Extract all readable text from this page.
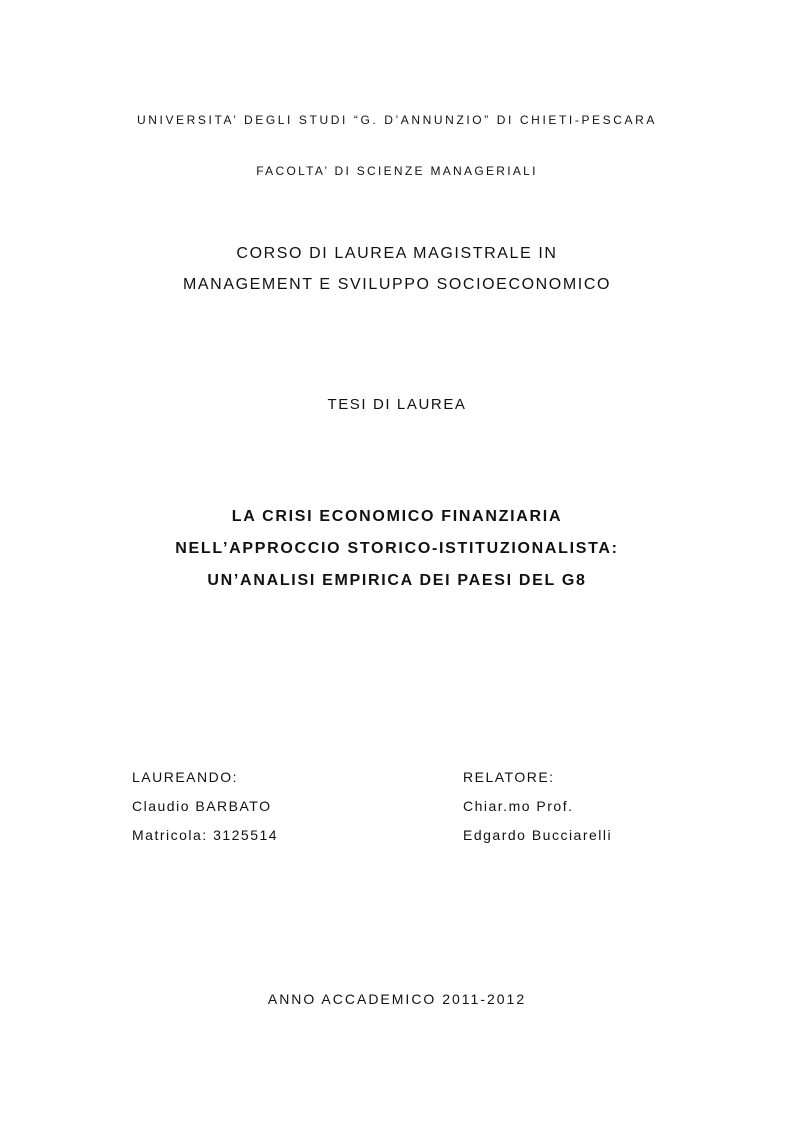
UNIVERSITA’ DEGLI STUDI “G. D’ANNUNZIO” DI CHIETI-PESCARA
FACOLTA’ DI SCIENZE MANAGERIALI
CORSO DI LAUREA MAGISTRALE IN
MANAGEMENT E SVILUPPO SOCIOECONOMICO
TESI DI LAUREA
LA CRISI ECONOMICO FINANZIARIA
NELL’APPROCCIO STORICO-ISTITUZIONALISTA:
UN’ANALISI EMPIRICA DEI PAESI DEL G8
LAUREANDO:
Claudio BARBATO
Matricola: 3125514
RELATORE:
Chiar.mo Prof.
Edgardo Bucciarelli
ANNO ACCADEMICO 2011-2012
